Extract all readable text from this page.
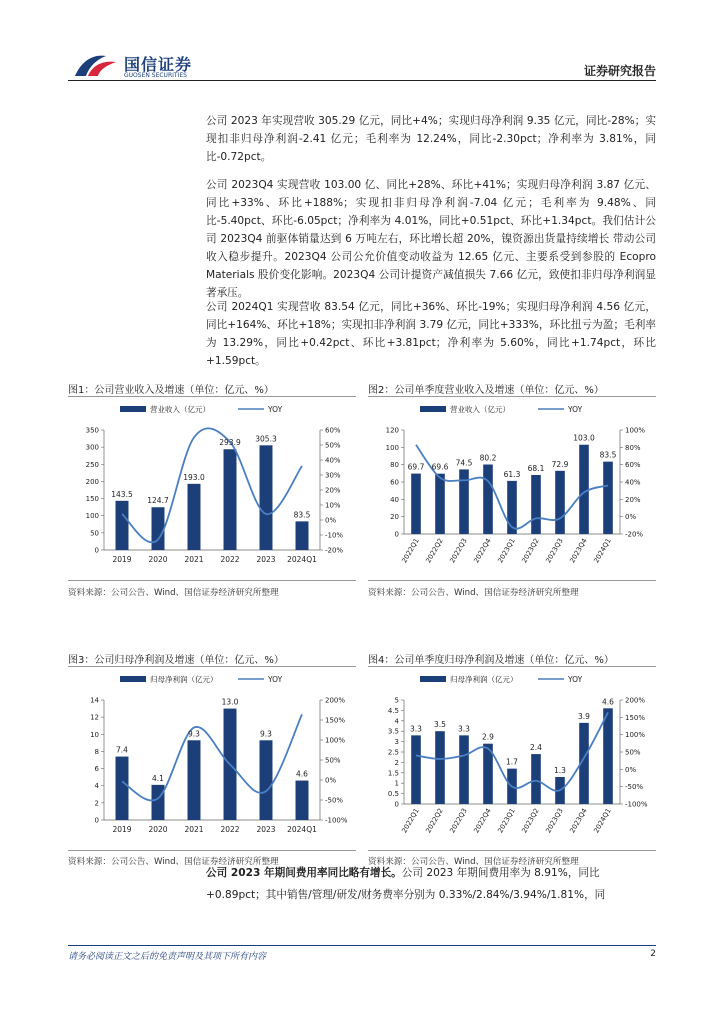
国信证券
GUOSEN SECURITIES	证券研究报告

公司 2023 年实现营收 305.29 亿元，同比+4%；实现归母净利润 9.35 亿元，同比-28%；实现扣非归母净利润-2.41 亿元；毛利率为 12.24%，同比-2.30pct；净利率为 3.81%，同比-0.72pct。

公司 2023Q4 实现营收 103.00 亿、同比+28%、环比+41%；实现归母净利润 3.87 亿元、同比+33%、环比+188%；实现扣非归母净利润-7.04 亿元；毛利率为 9.48%、同比-5.40pct、环比-6.05pct；净利率为 4.01%，同比+0.51pct、环比+1.34pct。我们估计公司 2023Q4 前驱体销量达到 6 万吨左右，环比增长超 20%，镍资源出货量持续增长 带动公司收入稳步提升。2023Q4 公司公允价值变动收益为 12.65 亿元、主要系受到参股的 Ecopro Materials 股价变化影响。2023Q4 公司计提资产减值损失 7.66 亿元，致使扣非归母净利润显著承压。

公司 2024Q1 实现营收 83.54 亿元，同比+36%、环比-19%；实现归母净利润 4.56 亿元，同比+164%、环比+18%；实现扣非净利润 3.79 亿元，同比+333%，环比扭亏为盈；毛利率为 13.29%，同比+0.42pct、环比+3.81pct；净利率为 5.60%，同比+1.74pct，环比+1.59pct。

图1：公司营业收入及增速（单位：亿元、%）
营业收入（亿元）	YOY
0
50
100
150
200
250
300
350
-20%
-10%
0%
10%
20%
30%
40%
50%
60%
143.5
124.7
193.0
293.9 305.3
83.5
2019 2020 2021 2022 2023 2024Q1
资料来源：公司公告、Wind、国信证券经济研究所整理
图2：公司单季度营业收入及增速（单位：亿元、%）
营业收入（亿元）	YOY
0
20
40
60
80
100
120
-20%
0%
20%
40%
60%
80%
100%
69.7 69.6 74.5
80.2
61.3
68.1 72.9
103.0
83.5
2022Q1 2022Q2 2022Q3 2022Q4 2023Q1 2023Q2 2023Q3 2023Q4 2024Q1
资料来源：公司公告、Wind、国信证券经济研究所整理
图3：公司归母净利润及增速（单位：亿元、%）
归母净利润（亿元）	YOY
0
2
4
6
8
10
12
14
-100%
-50%
0%
50%
100%
150%
200%
7.4
4.1
9.3
13.0
9.3
4.6
2019 2020 2021 2022 2023 2024Q1
资料来源：公司公告、Wind、国信证券经济研究所整理
图4：公司单季度归母净利润及增速（单位：亿元、%）
归母净利润（亿元）	YOY
0
0.5
1
1.5
2
2.5
3
3.5
4
4.5
5
-100%
-50%
0%
50%
100%
150%
200%
3.3 3.5 3.3
2.9
1.7
2.4
1.3
3.9
4.6
2022Q1 2022Q2 2022Q3 2022Q4 2023Q1 2023Q2 2023Q3 2023Q4 2024Q1
资料来源：公司公告、Wind、国信证券经济研究所整理

公司 2023 年期间费用率同比略有增长。公司 2023 年期间费用率为 8.91%，同比+0.89pct；其中销售/管理/研发/财务费率分别为 0.33%/2.84%/3.94%/1.81%，同

请务必阅读正文之后的免责声明及其项下所有内容	2
